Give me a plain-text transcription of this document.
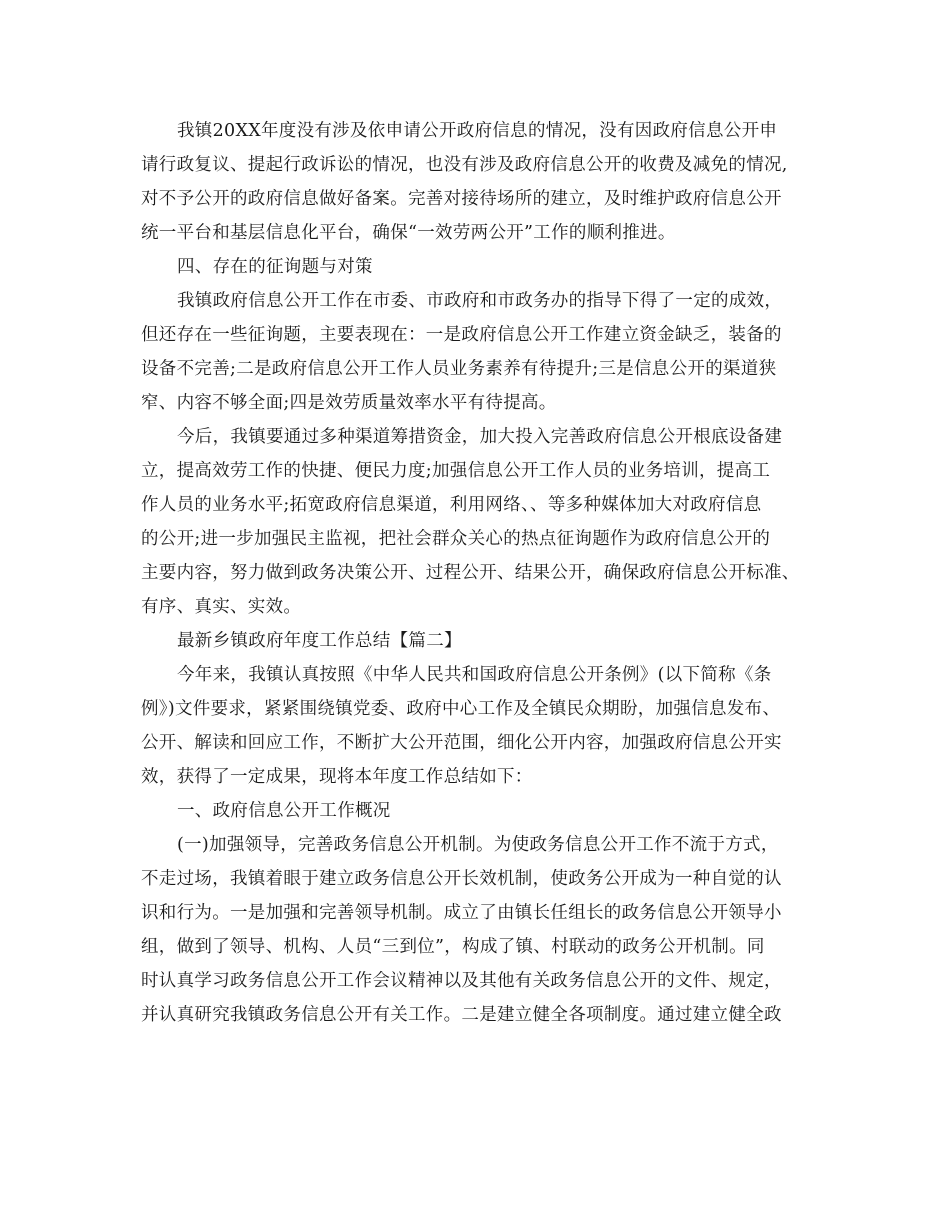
我镇20XX年度没有涉及依申请公开政府信息的情况，没有因政府信息公开申

请行政复议、提起行政诉讼的情况，也没有涉及政府信息公开的收费及减免的情况,

对不予公开的政府信息做好备案。完善对接待场所的建立，及时维护政府信息公开

统一平台和基层信息化平台，确保“一效劳两公开”工作的顺利推进。

四、存在的征询题与对策

我镇政府信息公开工作在市委、市政府和市政务办的指导下得了一定的成效，

但还存在一些征询题，主要表现在：一是政府信息公开工作建立资金缺乏，装备的

设备不完善;二是政府信息公开工作人员业务素养有待提升;三是信息公开的渠道狭

窄、内容不够全面;四是效劳质量效率水平有待提高。

今后，我镇要通过多种渠道筹措资金，加大投入完善政府信息公开根底设备建

立，提高效劳工作的快捷、便民力度;加强信息公开工作人员的业务培训，提高工

作人员的业务水平;拓宽政府信息渠道，利用网络、、等多种媒体加大对政府信息

的公开;进一步加强民主监视，把社会群众关心的热点征询题作为政府信息公开的

主要内容，努力做到政务决策公开、过程公开、结果公开，确保政府信息公开标准、

有序、真实、实效。

最新乡镇政府年度工作总结【篇二】

今年来，我镇认真按照《中华人民共和国政府信息公开条例》(以下简称《条

例》)文件要求，紧紧围绕镇党委、政府中心工作及全镇民众期盼，加强信息发布、

公开、解读和回应工作，不断扩大公开范围，细化公开内容，加强政府信息公开实

效，获得了一定成果，现将本年度工作总结如下：

一、政府信息公开工作概况

(一)加强领导，完善政务信息公开机制。为使政务信息公开工作不流于方式，

不走过场，我镇着眼于建立政务信息公开长效机制，使政务公开成为一种自觉的认

识和行为。一是加强和完善领导机制。成立了由镇长任组长的政务信息公开领导小

组，做到了领导、机构、人员“三到位”，构成了镇、村联动的政务公开机制。同

时认真学习政务信息公开工作会议精神以及其他有关政务信息公开的文件、规定，

并认真研究我镇政务信息公开有关工作。二是建立健全各项制度。通过建立健全政
